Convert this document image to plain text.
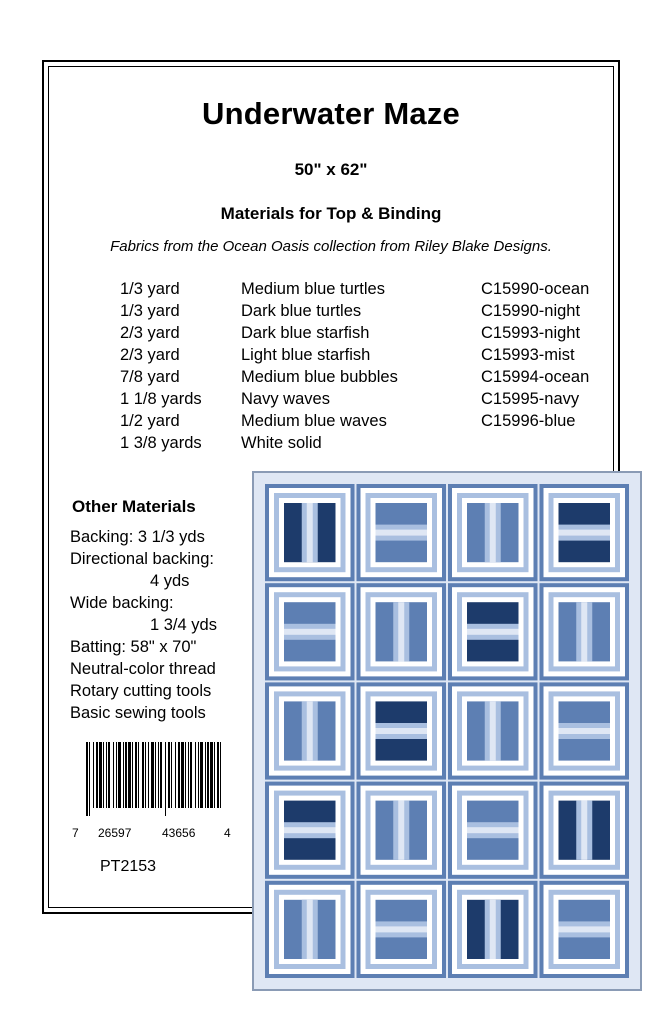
Underwater Maze
50" x 62"
Materials for Top & Binding
Fabrics from the Ocean Oasis collection from Riley Blake Designs.
1/3 yard	Medium blue turtles	C15990-ocean
1/3 yard	Dark blue turtles	C15990-night
2/3 yard	Dark blue starfish	C15993-night
2/3 yard	Light blue starfish	C15993-mist
7/8 yard	Medium blue bubbles	C15994-ocean
1 1/8 yards Navy waves	C15995-navy
1/2 yard	Medium blue waves	C15996-blue
1 3/8 yards White solid
Other Materials
Backing: 3 1/3 yds
Directional backing:
4 yds
Wide backing:
1 3/4 yds
Batting: 58" x 70"
Neutral-color thread
Rotary cutting tools
Basic sewing tools
7 26597	43656 4
PT2153
